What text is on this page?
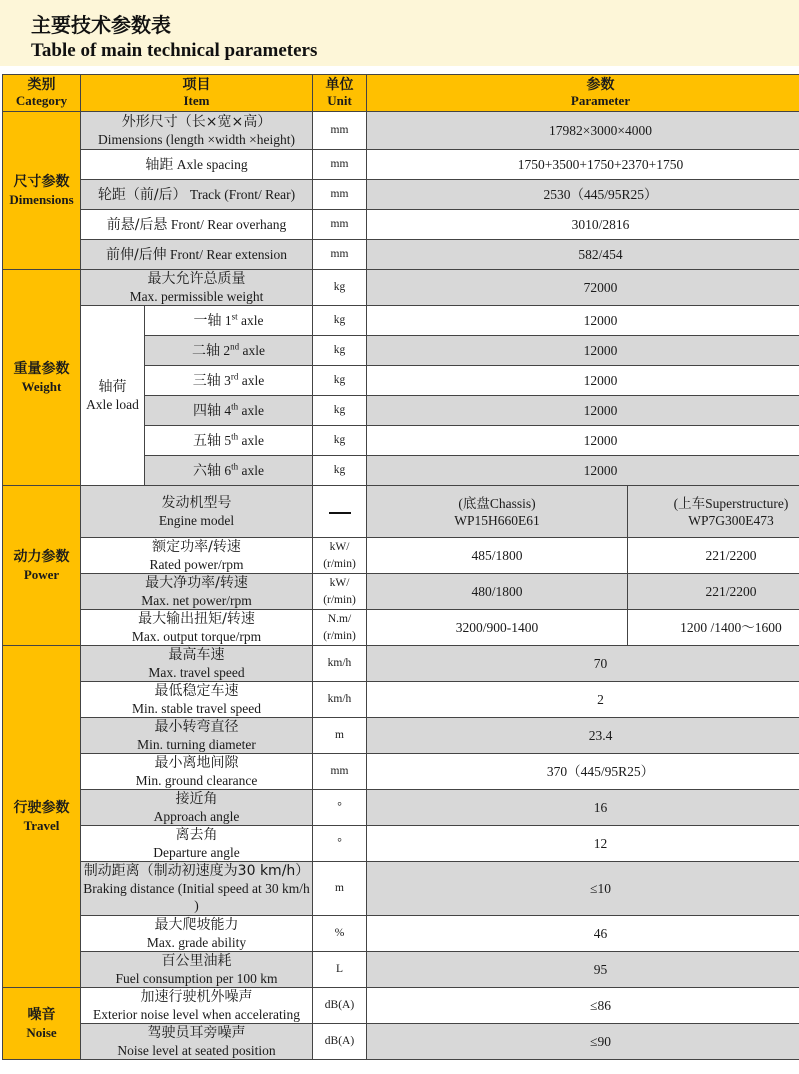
主要技术参数表
Table of main technical parameters
类别
Category	项目
Item		单位
Unit	参数
Parameter	

尺寸参数
Dimensions	外形尺寸（长×宽×高）
Dimensions (length ×width ×height)		mm	17982×3000×4000	
	轴距 Axle spacing		mm	1750+3500+1750+2370+1750	
	轮距（前/后） Track (Front/ Rear)		mm	2530（445/95R25）	
	前悬/后悬 Front/ Rear overhang		mm	3010/2816	
	前伸/后伸 Front/ Rear extension		mm	582/454	

重量参数
Weight	最大允许总质量
Max. permissible weight		kg	72000	

	轴荷
Axle load	一轴 1st axle	kg	12000	
		二轴 2nd axle	kg	12000	
		三轴 3rd axle	kg	12000	
		四轴 4th axle	kg	12000	
		五轴 5th axle	kg	12000	
		六轴 6th axle	kg	12000	

动力参数
Power	发动机型号
Engine model			(底盘Chassis)
WP15H660E61	(上车Superstructure)
WP7G300E473

	额定功率/转速
Rated power/rpm		kW/
(r/min)	485/1800	221/2200

	最大净功率/转速
Max. net power/rpm		kW/
(r/min)	480/1800	221/2200

	最大输出扭矩/转速
Max. output torque/rpm		N.m/
(r/min)	3200/900-1400	1200 /1400～1600

行驶参数
Travel	最高车速
Max. travel speed		km/h	70	

	最低稳定车速
Min. stable travel speed		km/h	2	

	最小转弯直径
Min. turning diameter		m	23.4	

	最小离地间隙
Min. ground clearance		mm	370（445/95R25）	

	接近角
Approach angle		°	16	

	离去角
Departure angle		°	12	

	制动距离（制动初速度为30 km/h）
Braking distance (Initial speed at 30 km/h )		m	≤10	

	最大爬坡能力
Max. grade ability		%	46	

	百公里油耗
Fuel consumption per 100 km		L	95	

噪音
Noise	加速行驶机外噪声
Exterior noise level when accelerating		dB(A)	≤86	

	驾驶员耳旁噪声
Noise level at seated position		dB(A)	≤90	
